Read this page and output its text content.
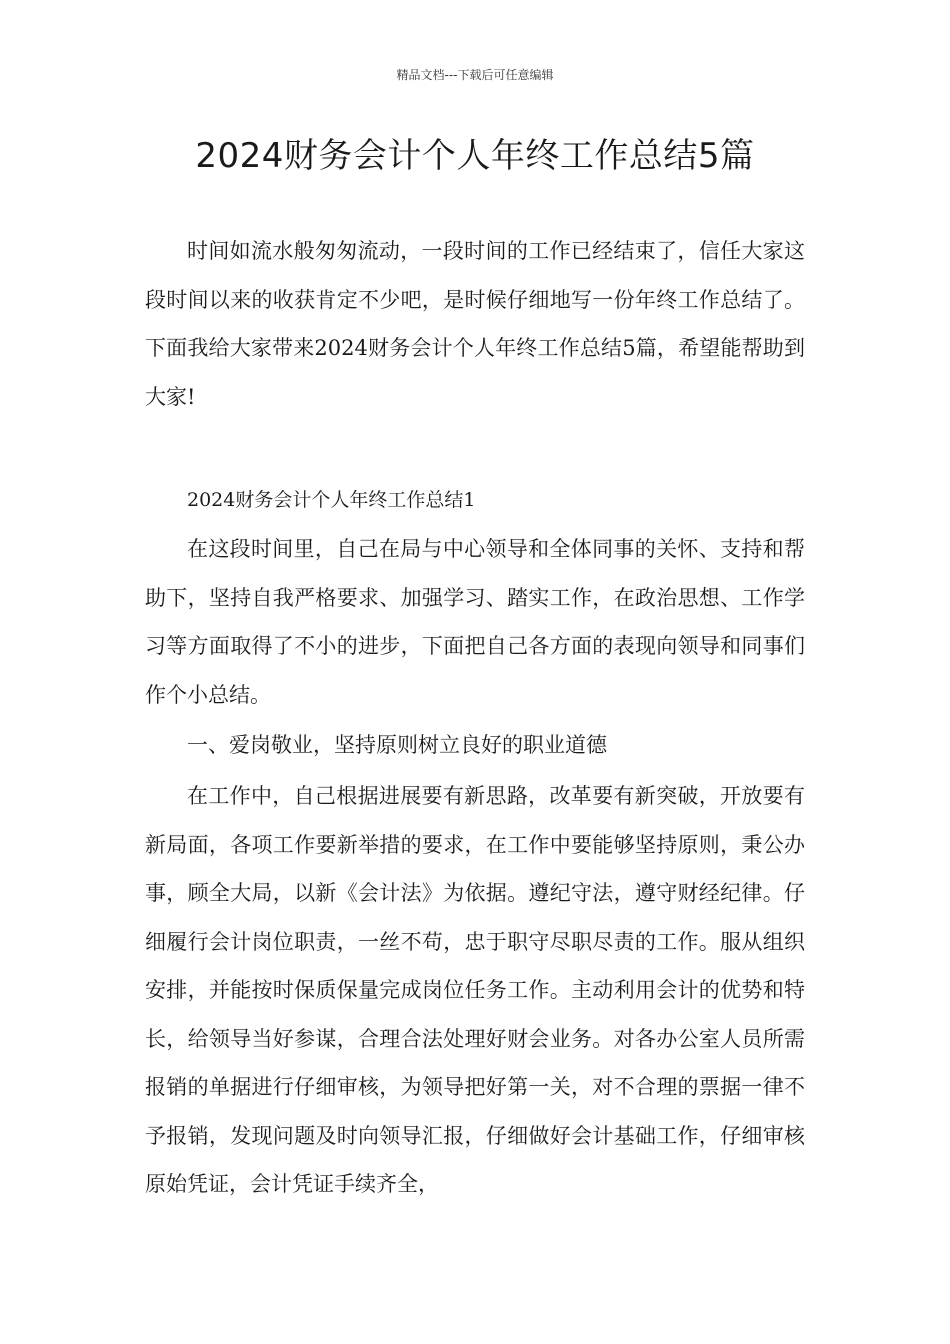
精品文档---下载后可任意编辑
2024财务会计个人年终工作总结5篇

时间如流水般匆匆流动，一段时间的工作已经结束了，信任大家这段时间以来的收获肯定不少吧，是时候仔细地写一份年终工作总结了。下面我给大家带来2024财务会计个人年终工作总结5篇，希望能帮助到大家!

2024财务会计个人年终工作总结1

在这段时间里，自己在局与中心领导和全体同事的关怀、支持和帮助下，坚持自我严格要求、加强学习、踏实工作，在政治思想、工作学习等方面取得了不小的进步，下面把自己各方面的表现向领导和同事们作个小总结。

一、爱岗敬业，坚持原则树立良好的职业道德

在工作中，自己根据进展要有新思路，改革要有新突破，开放要有新局面，各项工作要新举措的要求，在工作中要能够坚持原则，秉公办事，顾全大局，以新《会计法》为依据。遵纪守法，遵守财经纪律。仔细履行会计岗位职责，一丝不苟，忠于职守尽职尽责的工作。服从组织安排，并能按时保质保量完成岗位任务工作。主动利用会计的优势和特长，给领导当好参谋，合理合法处理好财会业务。对各办公室人员所需报销的单据进行仔细审核，为领导把好第一关，对不合理的票据一律不予报销，发现问题及时向领导汇报，仔细做好会计基础工作，仔细审核原始凭证，会计凭证手续齐全，
